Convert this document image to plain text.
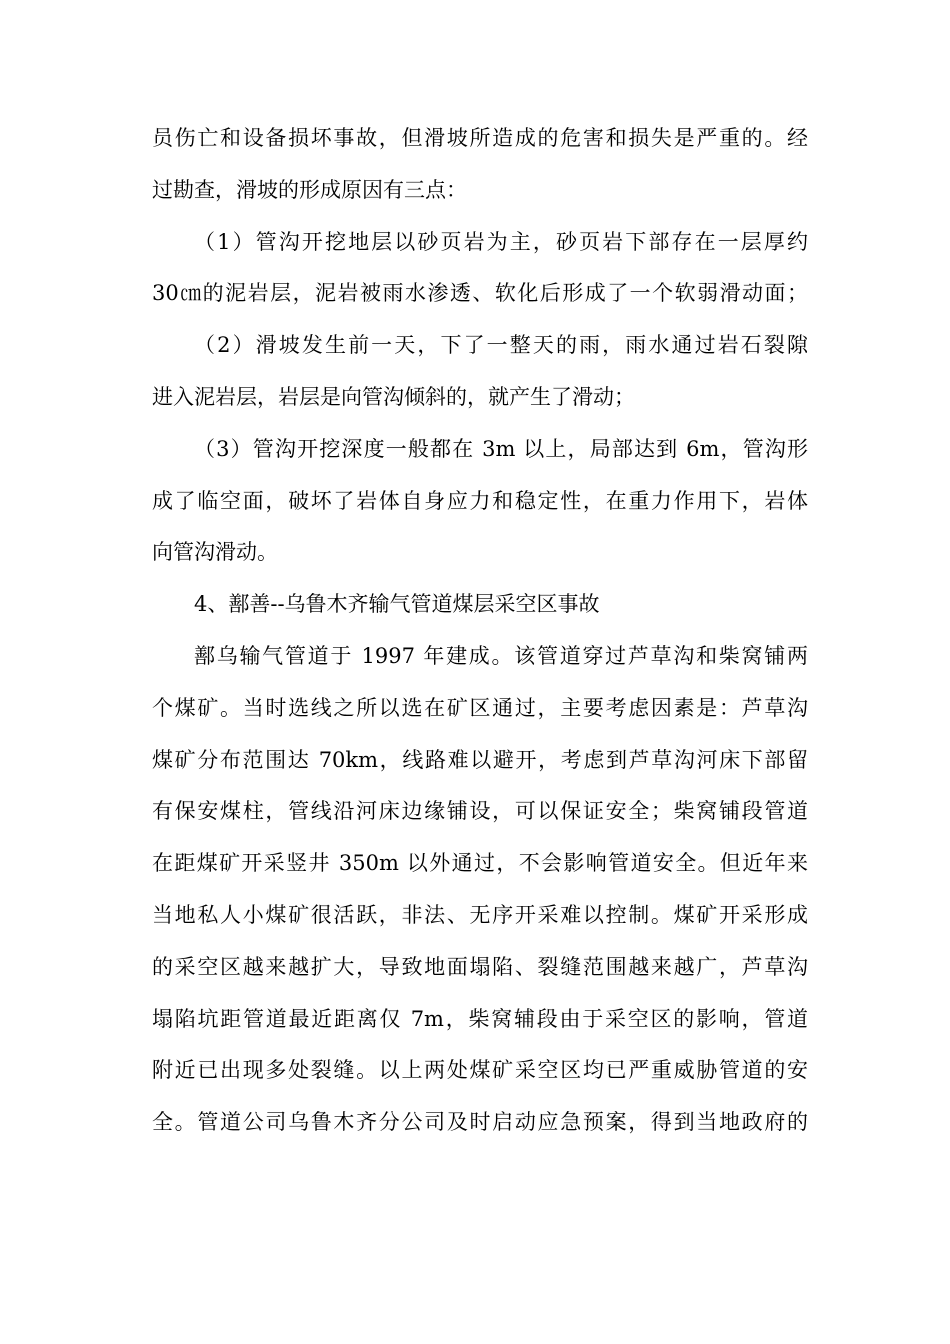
员伤亡和设备损坏事故，但滑坡所造成的危害和损失是严重的。经
过勘查，滑坡的形成原因有三点：
（1）管沟开挖地层以砂页岩为主，砂页岩下部存在一层厚约
30㎝的泥岩层，泥岩被雨水渗透、软化后形成了一个软弱滑动面；
（2）滑坡发生前一天，下了一整天的雨，雨水通过岩石裂隙
进入泥岩层，岩层是向管沟倾斜的，就产生了滑动；
（3）管沟开挖深度一般都在 3m 以上，局部达到 6m，管沟形
成了临空面，破坏了岩体自身应力和稳定性，在重力作用下，岩体
向管沟滑动。
4、鄯善--乌鲁木齐输气管道煤层采空区事故
鄯乌输气管道于 1997 年建成。该管道穿过芦草沟和柴窝铺两
个煤矿。当时选线之所以选在矿区通过，主要考虑因素是：芦草沟
煤矿分布范围达 70km，线路难以避开，考虑到芦草沟河床下部留
有保安煤柱，管线沿河床边缘铺设，可以保证安全；柴窝铺段管道
在距煤矿开采竖井 350m 以外通过，不会影响管道安全。但近年来
当地私人小煤矿很活跃，非法、无序开采难以控制。煤矿开采形成
的采空区越来越扩大，导致地面塌陷、裂缝范围越来越广，芦草沟
塌陷坑距管道最近距离仅 7m，柴窝辅段由于采空区的影响，管道
附近已出现多处裂缝。以上两处煤矿采空区均已严重威胁管道的安
全。管道公司乌鲁木齐分公司及时启动应急预案，得到当地政府的
